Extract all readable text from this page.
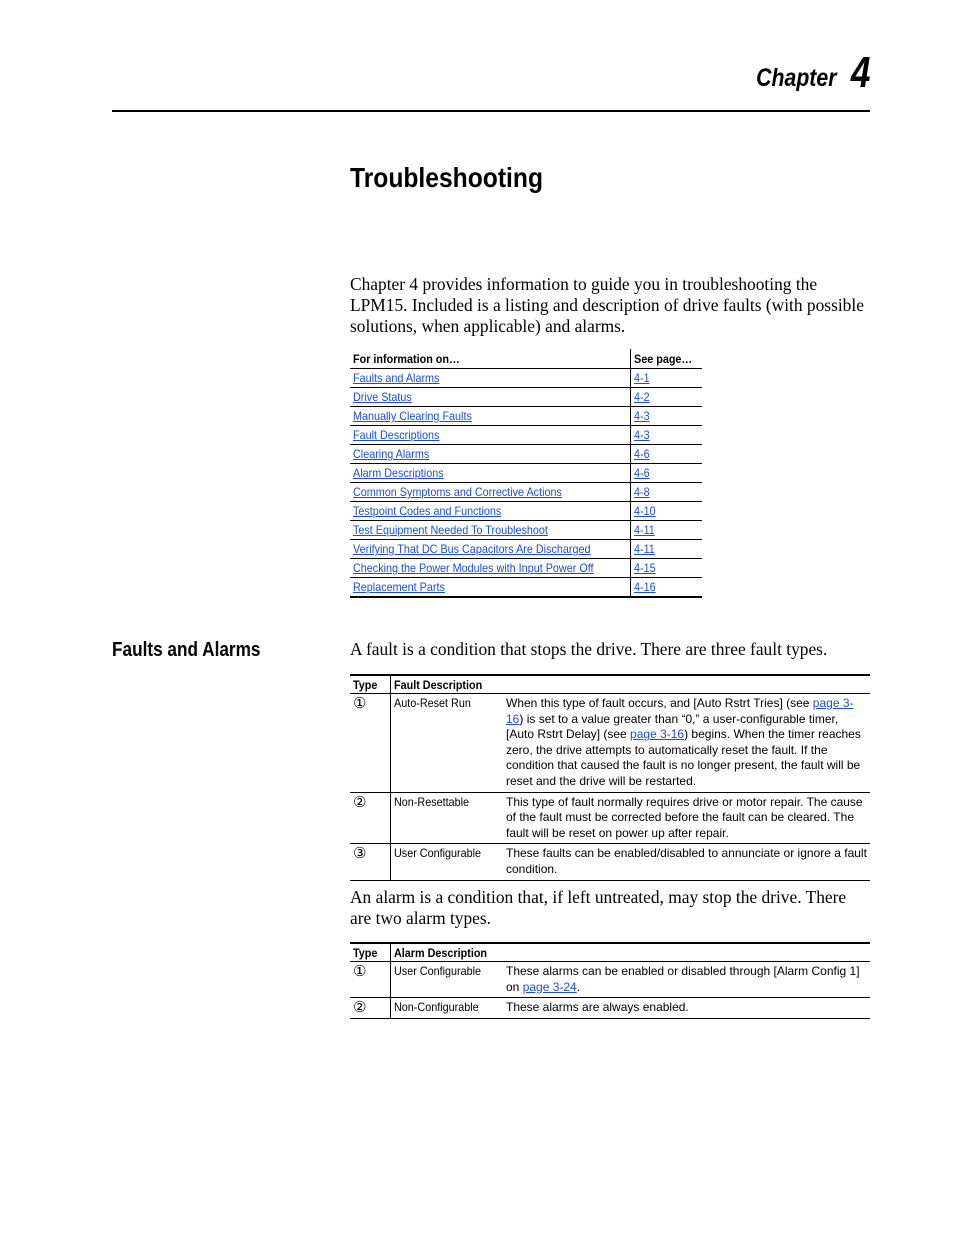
Chapter 4
Troubleshooting
Chapter 4 provides information to guide you in troubleshooting the LPM15. Included is a listing and description of drive faults (with possible solutions, when applicable) and alarms.
For information on…	See page…
Faults and Alarms	4-1
Drive Status	4-2
Manually Clearing Faults	4-3
Fault Descriptions	4-3
Clearing Alarms	4-6
Alarm Descriptions	4-6
Common Symptoms and Corrective Actions	4-8
Testpoint Codes and Functions	4-10
Test Equipment Needed To Troubleshoot	4-11
Verifying That DC Bus Capacitors Are Discharged	4-11
Checking the Power Modules with Input Power Off	4-15
Replacement Parts	4-16
Faults and Alarms	A fault is a condition that stops the drive. There are three fault types.
Type	Fault Description	
①	Auto-Reset Run	When this type of fault occurs, and [Auto Rstrt Tries] (see page 3-16) is set to a value greater than “0,” a user-configurable timer, [Auto Rstrt Delay] (see page 3-16) begins. When the timer reaches zero, the drive attempts to automatically reset the fault. If the condition that caused the fault is no longer present, the fault will be reset and the drive will be restarted.
②	Non-Resettable	This type of fault normally requires drive or motor repair. The cause of the fault must be corrected before the fault can be cleared. The fault will be reset on power up after repair.
③	User Configurable	These faults can be enabled/disabled to annunciate or ignore a fault condition.
An alarm is a condition that, if left untreated, may stop the drive. There are two alarm types.
Type	Alarm Description	
①	User Configurable	These alarms can be enabled or disabled through [Alarm Config 1] on page 3-24.
②	Non-Configurable	These alarms are always enabled.
